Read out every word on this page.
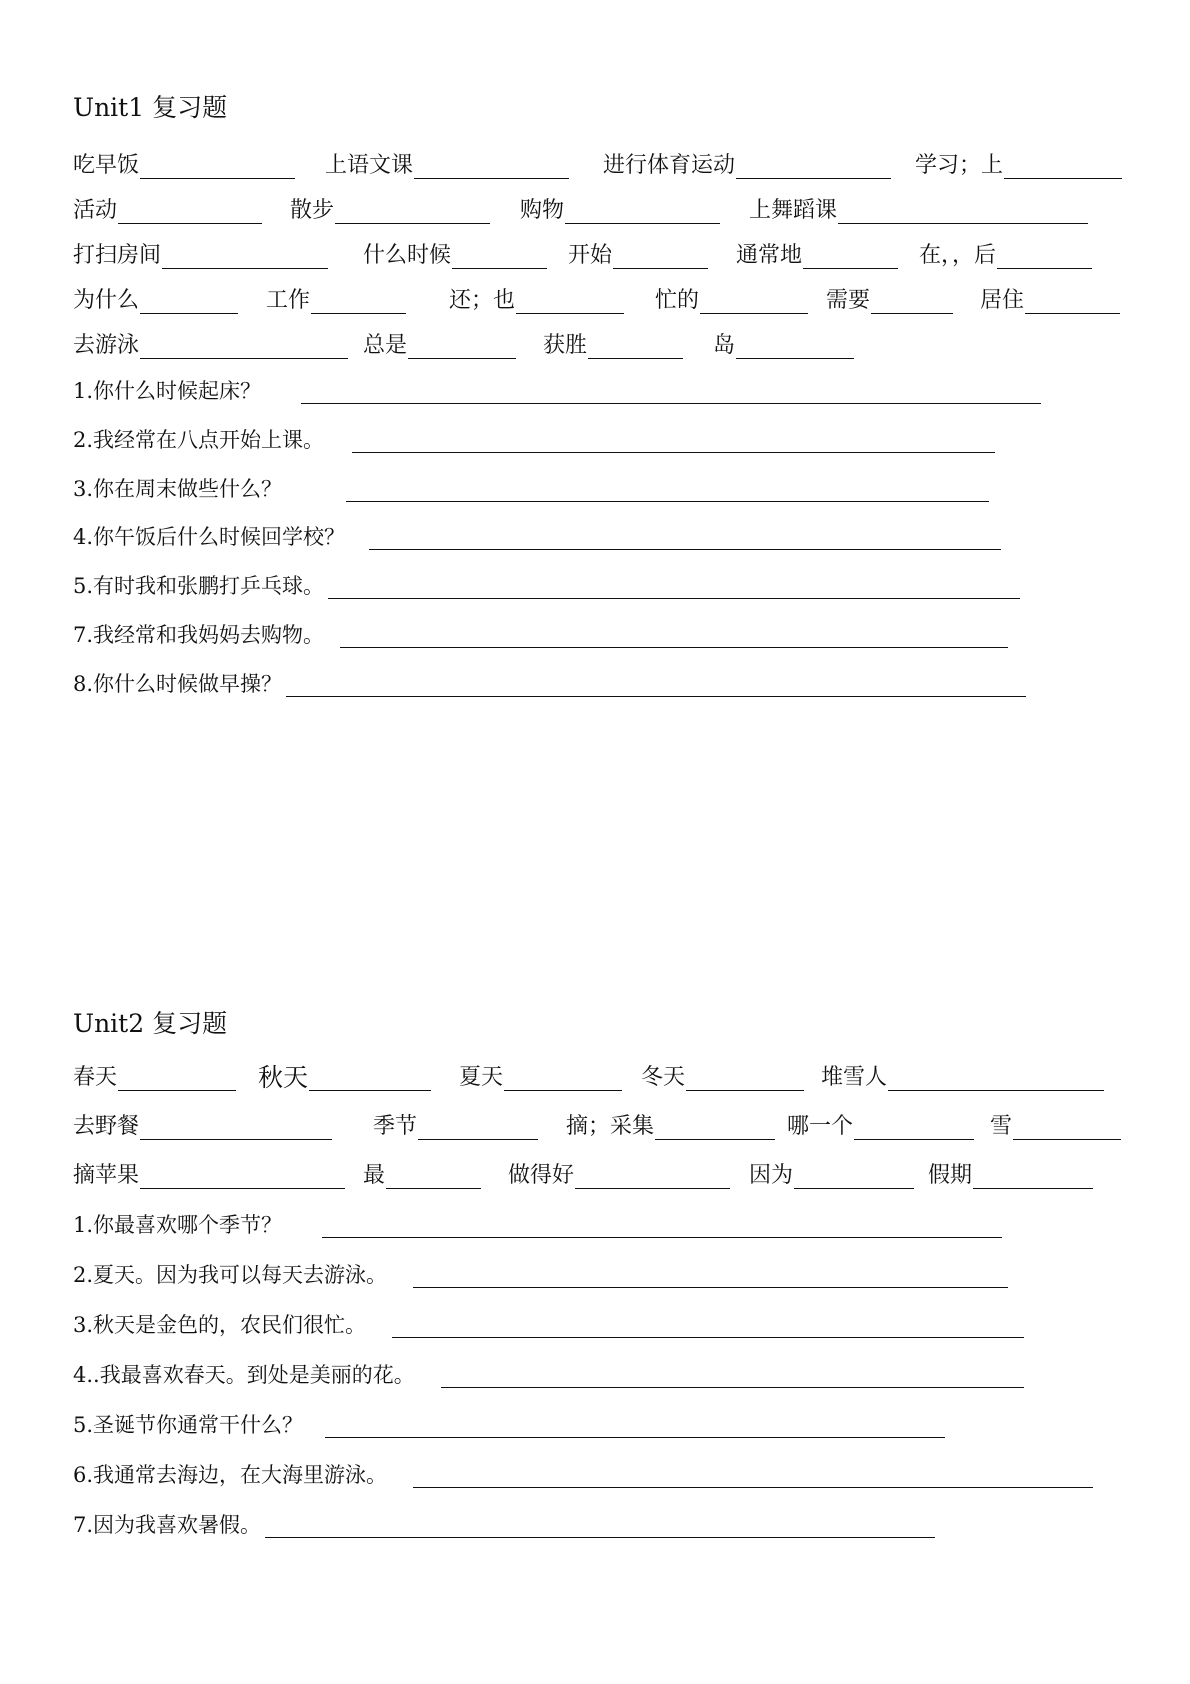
Unit1 复习题
吃早饭	上语文课	进行体育运动	学习；上
活动	散步	购物	上舞蹈课
打扫房间	什么时候	开始	通常地	在，，后
为什么	工作	还；也	忙的	需要	居住
去游泳	总是	获胜	岛
1.你什么时候起床？
2.我经常在八点开始上课。
3.你在周末做些什么？
4.你午饭后什么时候回学校？
5.有时我和张鹏打乒乓球。
7.我经常和我妈妈去购物。
8.你什么时候做早操？
Unit2 复习题
春天	秋天	夏天	冬天	堆雪人
去野餐	季节	摘；采集	哪一个	雪
摘苹果	最	做得好	因为	假期
1.你最喜欢哪个季节？
2.夏天。因为我可以每天去游泳。
3.秋天是金色的，农民们很忙。
4..我最喜欢春天。到处是美丽的花。
5.圣诞节你通常干什么？
6.我通常去海边，在大海里游泳。
7.因为我喜欢暑假。
